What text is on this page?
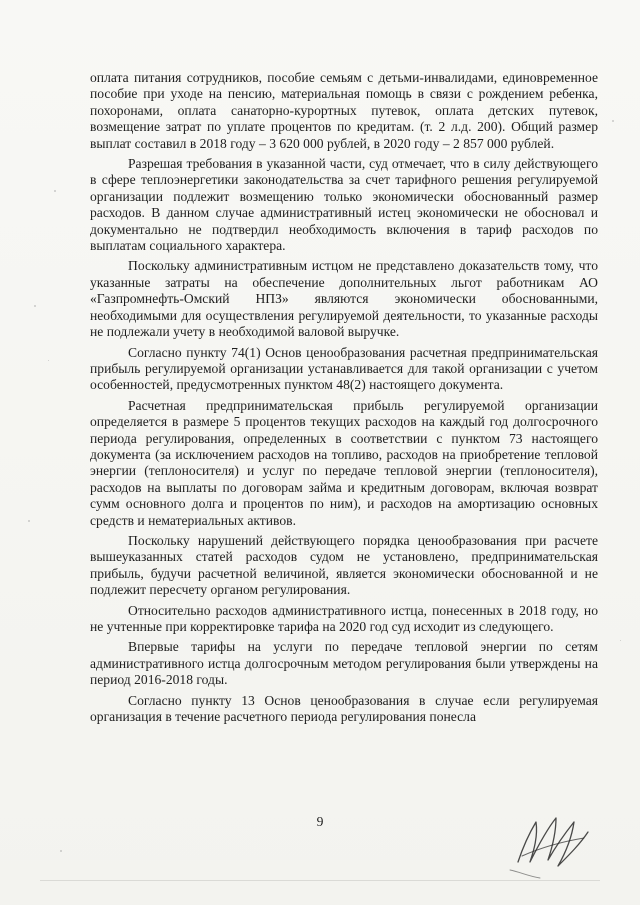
оплата питания сотрудников, пособие семьям с детьми-инвалидами, единовременное пособие при уходе на пенсию, материальная помощь в связи с рождением ребенка, похоронами, оплата санаторно-курортных путевок, оплата детских путевок, возмещение затрат по уплате процентов по кредитам. (т. 2 л.д. 200). Общий размер выплат составил в 2018 году – 3 620 000 рублей, в 2020 году – 2 857 000 рублей.

Разрешая требования в указанной части, суд отмечает, что в силу действующего в сфере теплоэнергетики законодательства за счет тарифного решения регулируемой организации подлежит возмещению только экономически обоснованный размер расходов. В данном случае административный истец экономически не обосновал и документально не подтвердил необходимость включения в тариф расходов по выплатам социального характера.

Поскольку административным истцом не представлено доказательств тому, что указанные затраты на обеспечение дополнительных льгот работникам АО «Газпромнефть-Омский НПЗ» являются экономически обоснованными, необходимыми для осуществления регулируемой деятельности, то указанные расходы не подлежали учету в необходимой валовой выручке.

Согласно пункту 74(1) Основ ценообразования расчетная предпринимательская прибыль регулируемой организации устанавливается для такой организации с учетом особенностей, предусмотренных пунктом 48(2) настоящего документа.

Расчетная предпринимательская прибыль регулируемой организации определяется в размере 5 процентов текущих расходов на каждый год долгосрочного периода регулирования, определенных в соответствии с пунктом 73 настоящего документа (за исключением расходов на топливо, расходов на приобретение тепловой энергии (теплоносителя) и услуг по передаче тепловой энергии (теплоносителя), расходов на выплаты по договорам займа и кредитным договорам, включая возврат сумм основного долга и процентов по ним), и расходов на амортизацию основных средств и нематериальных активов.

Поскольку нарушений действующего порядка ценообразования при расчете вышеуказанных статей расходов судом не установлено, предпринимательская прибыль, будучи расчетной величиной, является экономически обоснованной и не подлежит пересчету органом регулирования.

Относительно расходов административного истца, понесенных в 2018 году, но не учтенные при корректировке тарифа на 2020 год суд исходит из следующего.

Впервые тарифы на услуги по передаче тепловой энергии по сетям административного истца долгосрочным методом регулирования были утверждены на период 2016-2018 годы.

Согласно пункту 13 Основ ценообразования в случае если регулируемая организация в течение расчетного периода регулирования понесла

9
